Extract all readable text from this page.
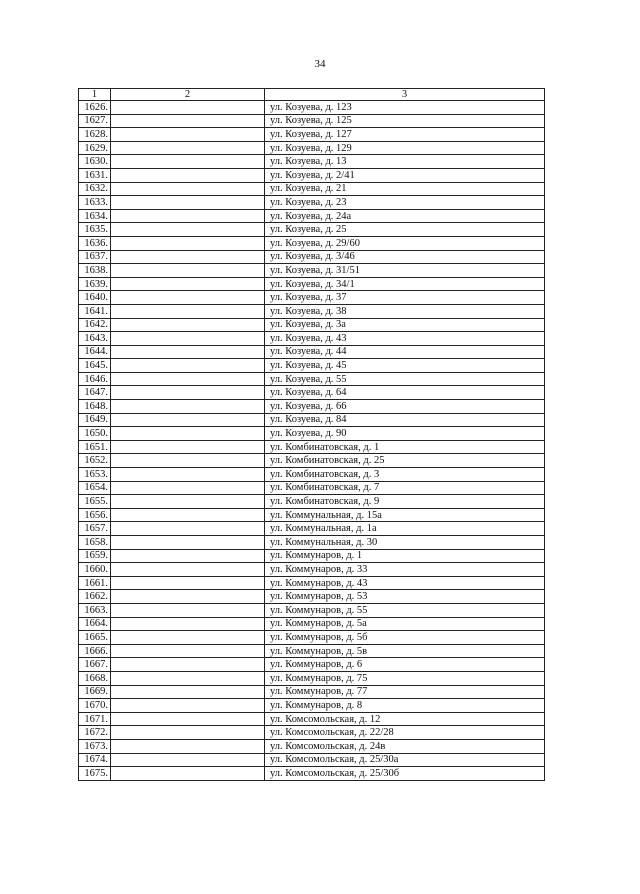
34
1	2	3
1626.		ул. Козуева, д. 123
1627.		ул. Козуева, д. 125
1628.		ул. Козуева, д. 127
1629.		ул. Козуева, д. 129
1630.		ул. Козуева, д. 13
1631.		ул. Козуева, д. 2/41
1632.		ул. Козуева, д. 21
1633.		ул. Козуева, д. 23
1634.		ул. Козуева, д. 24а
1635.		ул. Козуева, д. 25
1636.		ул. Козуева, д. 29/60
1637.		ул. Козуева, д. 3/46
1638.		ул. Козуева, д. 31/51
1639.		ул. Козуева, д. 34/1
1640.		ул. Козуева, д. 37
1641.		ул. Козуева, д. 38
1642.		ул. Козуева, д. 3а
1643.		ул. Козуева, д. 43
1644.		ул. Козуева, д. 44
1645.		ул. Козуева, д. 45
1646.		ул. Козуева, д. 55
1647.		ул. Козуева, д. 64
1648.		ул. Козуева, д. 66
1649.		ул. Козуева, д. 84
1650.		ул. Козуева, д. 90
1651.		ул. Комбинатовская, д. 1
1652.		ул. Комбинатовская, д. 25
1653.		ул. Комбинатовская, д. 3
1654.		ул. Комбинатовская, д. 7
1655.		ул. Комбинатовская, д. 9
1656.		ул. Коммунальная, д. 15а
1657.		ул. Коммунальная, д. 1а
1658.		ул. Коммунальная, д. 30
1659.		ул. Коммунаров, д. 1
1660.		ул. Коммунаров, д. 33
1661.		ул. Коммунаров, д. 43
1662.		ул. Коммунаров, д. 53
1663.		ул. Коммунаров, д. 55
1664.		ул. Коммунаров, д. 5а
1665.		ул. Коммунаров, д. 5б
1666.		ул. Коммунаров, д. 5в
1667.		ул. Коммунаров, д. 6
1668.		ул. Коммунаров, д. 75
1669.		ул. Коммунаров, д. 77
1670.		ул. Коммунаров, д. 8
1671.		ул. Комсомольская, д. 12
1672.		ул. Комсомольская, д. 22/28
1673.		ул. Комсомольская, д. 24в
1674.		ул. Комсомольская, д. 25/30а
1675.		ул. Комсомольская, д. 25/30б
